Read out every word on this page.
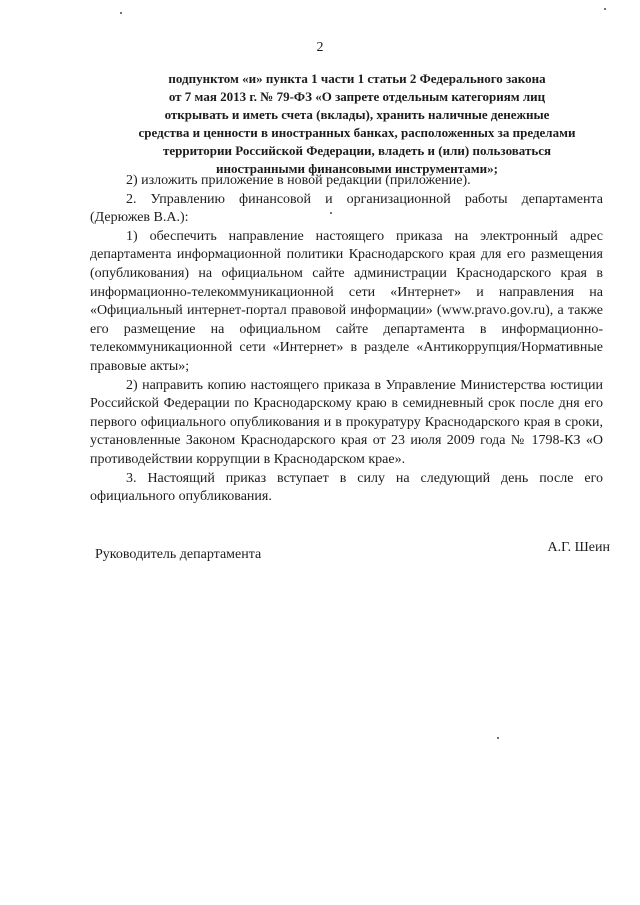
2
подпунктом «и» пункта 1 части 1 статьи 2 Федерального закона
от 7 мая 2013 г. № 79-ФЗ «О запрете отдельным категориям лиц
открывать и иметь счета (вклады), хранить наличные денежные
средства и ценности в иностранных банках, расположенных за пределами
территории Российской Федерации, владеть и (или) пользоваться
иностранными финансовыми инструментами»;

2) изложить приложение в новой редакции (приложение).

2. Управлению финансовой и организационной работы департамента (Дерюжев В.А.):

1) обеспечить направление настоящего приказа на электронный адрес департамента информационной политики Краснодарского края для его размещения (опубликования) на официальном сайте администрации Краснодарского края в информационно-телекоммуникационной сети «Интернет» и направления на «Официальный интернет-портал правовой информации» (www.pravo.gov.ru), а также его размещение на официальном сайте департамента в информационно-телекоммуникационной сети «Интернет» в разделе «Антикоррупция/Нормативные правовые акты»;

2) направить копию настоящего приказа в Управление Министерства юстиции Российской Федерации по Краснодарскому краю в семидневный срок после дня его первого официального опубликования и в прокуратуру Краснодарского края в сроки, установленные Законом Краснодарского края от 23 июля 2009 года № 1798-КЗ «О противодействии коррупции в Краснодарском крае».

3. Настоящий приказ вступает в силу на следующий день после его официального опубликования.

Руководитель департамента	А.Г. Шеин
